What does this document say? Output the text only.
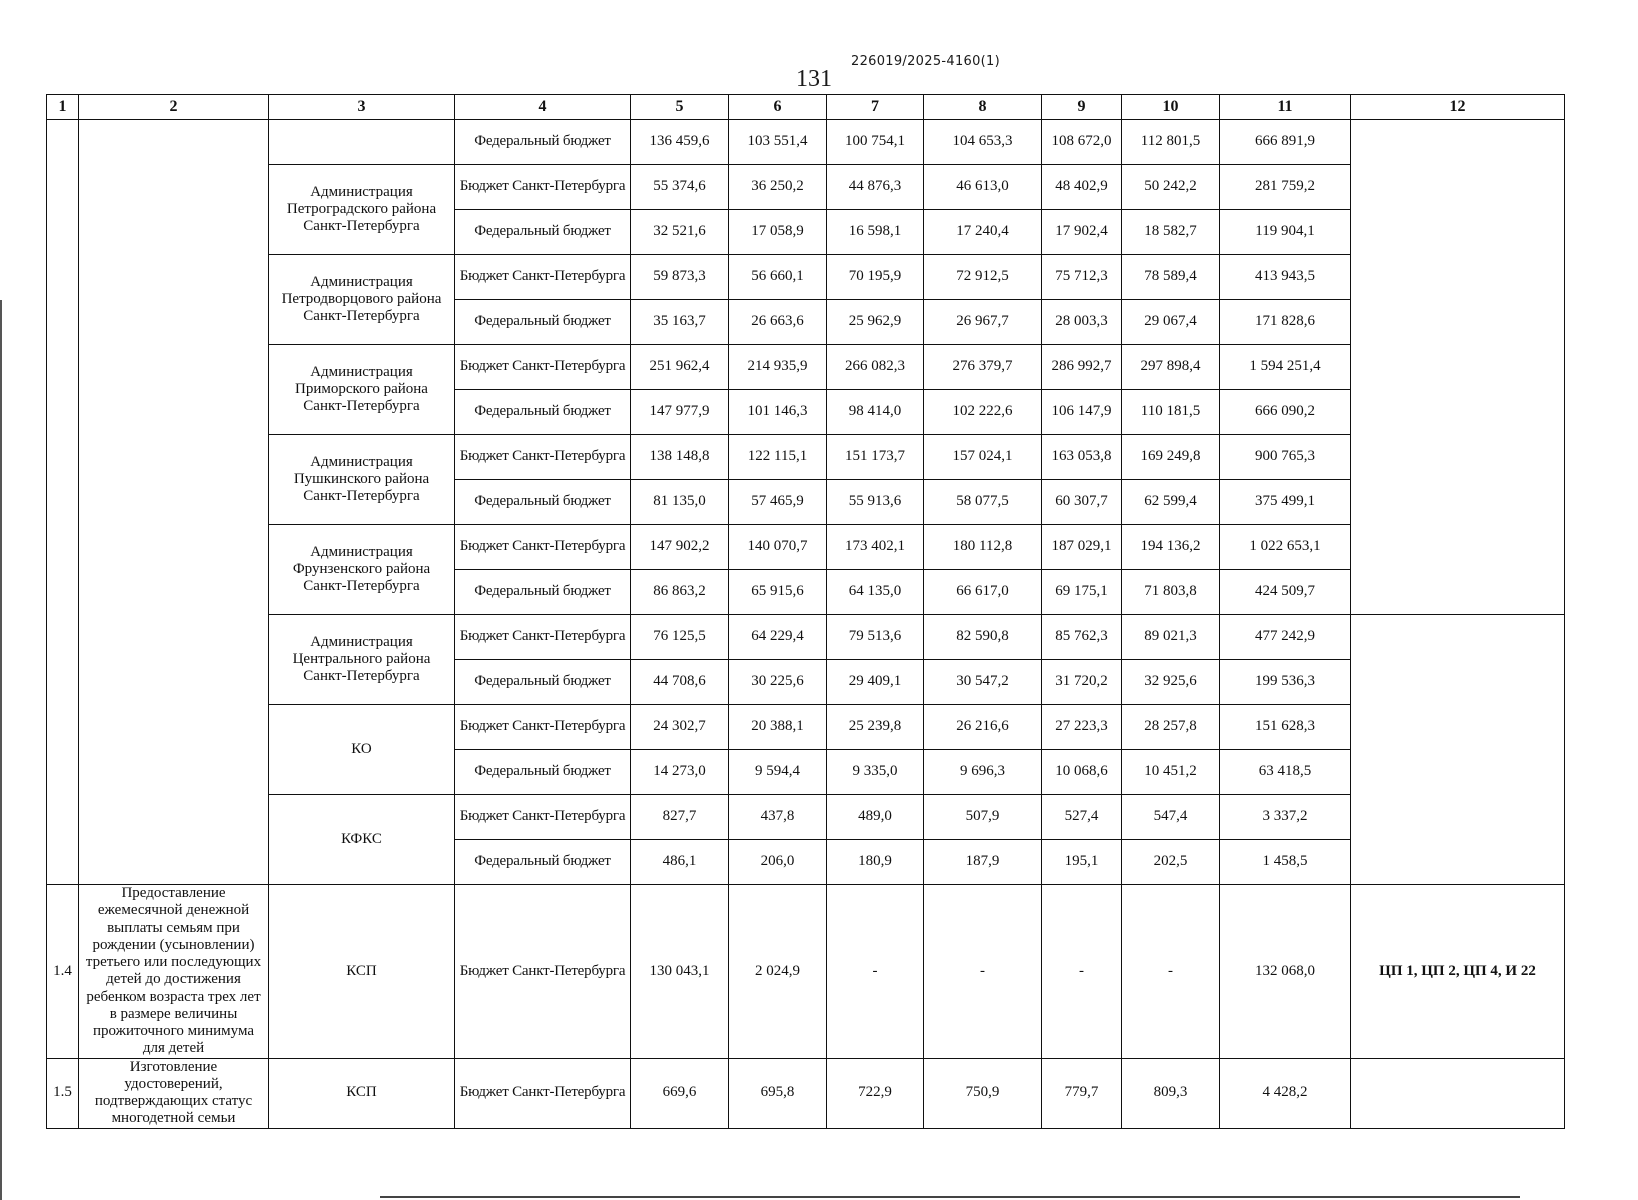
226019/2025-4160(1)
131
1	2	3	4	5	6	7	8	9	10	11	12
			Федеральный бюджет	136 459,6	103 551,4	100 754,1	104 653,3	108 672,0	112 801,5	666 891,9	
		Администрация Петроградского района Санкт-Петербурга	Бюджет Санкт-Петербурга	55 374,6	36 250,2	44 876,3	46 613,0	48 402,9	50 242,2	281 759,2	
			Федеральный бюджет	32 521,6	17 058,9	16 598,1	17 240,4	17 902,4	18 582,7	119 904,1	
		Администрация Петродворцового района Санкт-Петербурга	Бюджет Санкт-Петербурга	59 873,3	56 660,1	70 195,9	72 912,5	75 712,3	78 589,4	413 943,5	
			Федеральный бюджет	35 163,7	26 663,6	25 962,9	26 967,7	28 003,3	29 067,4	171 828,6	
		Администрация Приморского района Санкт-Петербурга	Бюджет Санкт-Петербурга	251 962,4	214 935,9	266 082,3	276 379,7	286 992,7	297 898,4	1 594 251,4	
			Федеральный бюджет	147 977,9	101 146,3	98 414,0	102 222,6	106 147,9	110 181,5	666 090,2	
		Администрация Пушкинского района Санкт-Петербурга	Бюджет Санкт-Петербурга	138 148,8	122 115,1	151 173,7	157 024,1	163 053,8	169 249,8	900 765,3	
			Федеральный бюджет	81 135,0	57 465,9	55 913,6	58 077,5	60 307,7	62 599,4	375 499,1	
		Администрация Фрунзенского района Санкт-Петербурга	Бюджет Санкт-Петербурга	147 902,2	140 070,7	173 402,1	180 112,8	187 029,1	194 136,2	1 022 653,1	
			Федеральный бюджет	86 863,2	65 915,6	64 135,0	66 617,0	69 175,1	71 803,8	424 509,7	
		Администрация Центрального района Санкт-Петербурга	Бюджет Санкт-Петербурга	76 125,5	64 229,4	79 513,6	82 590,8	85 762,3	89 021,3	477 242,9	
			Федеральный бюджет	44 708,6	30 225,6	29 409,1	30 547,2	31 720,2	32 925,6	199 536,3	
		КО	Бюджет Санкт-Петербурга	24 302,7	20 388,1	25 239,8	26 216,6	27 223,3	28 257,8	151 628,3	
			Федеральный бюджет	14 273,0	9 594,4	9 335,0	9 696,3	10 068,6	10 451,2	63 418,5	
		КФКС	Бюджет Санкт-Петербурга	827,7	437,8	489,0	507,9	527,4	547,4	3 337,2	
			Федеральный бюджет	486,1	206,0	180,9	187,9	195,1	202,5	1 458,5	
1.4	Предоставление ежемесячной денежной выплаты семьям при рождении (усыновлении) третьего или последующих детей до достижения ребенком возраста трех лет в размере величины прожиточного минимума для детей	КСП	Бюджет Санкт-Петербурга	130 043,1	2 024,9	-	-	-	-	132 068,0	ЦП 1, ЦП 2, ЦП 4, И 22
1.5	Изготовление удостоверений, подтверждающих статус многодетной семьи	КСП	Бюджет Санкт-Петербурга	669,6	695,8	722,9	750,9	779,7	809,3	4 428,2	
